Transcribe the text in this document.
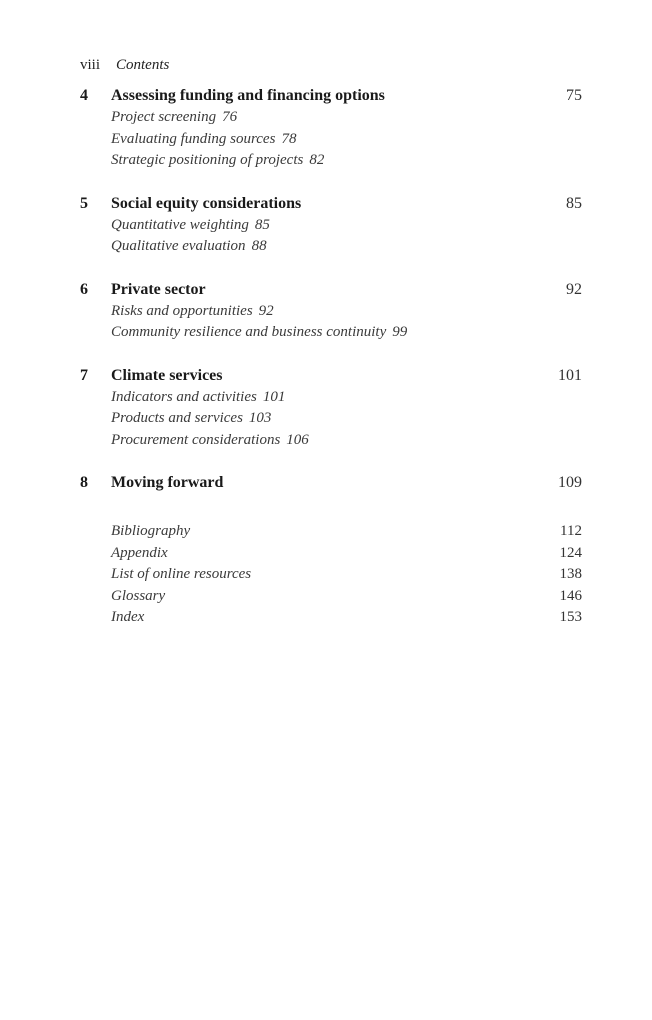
viii Contents
4 Assessing funding and financing options	75
Project screening 76
Evaluating funding sources 78
Strategic positioning of projects 82
5 Social equity considerations	85
Quantitative weighting 85
Qualitative evaluation 88
6 Private sector	92
Risks and opportunities 92
Community resilience and business continuity 99
7 Climate services	101
Indicators and activities 101
Products and services 103
Procurement considerations 106
8 Moving forward	109
Bibliography	112
Appendix	124
List of online resources	138
Glossary	146
Index	153
